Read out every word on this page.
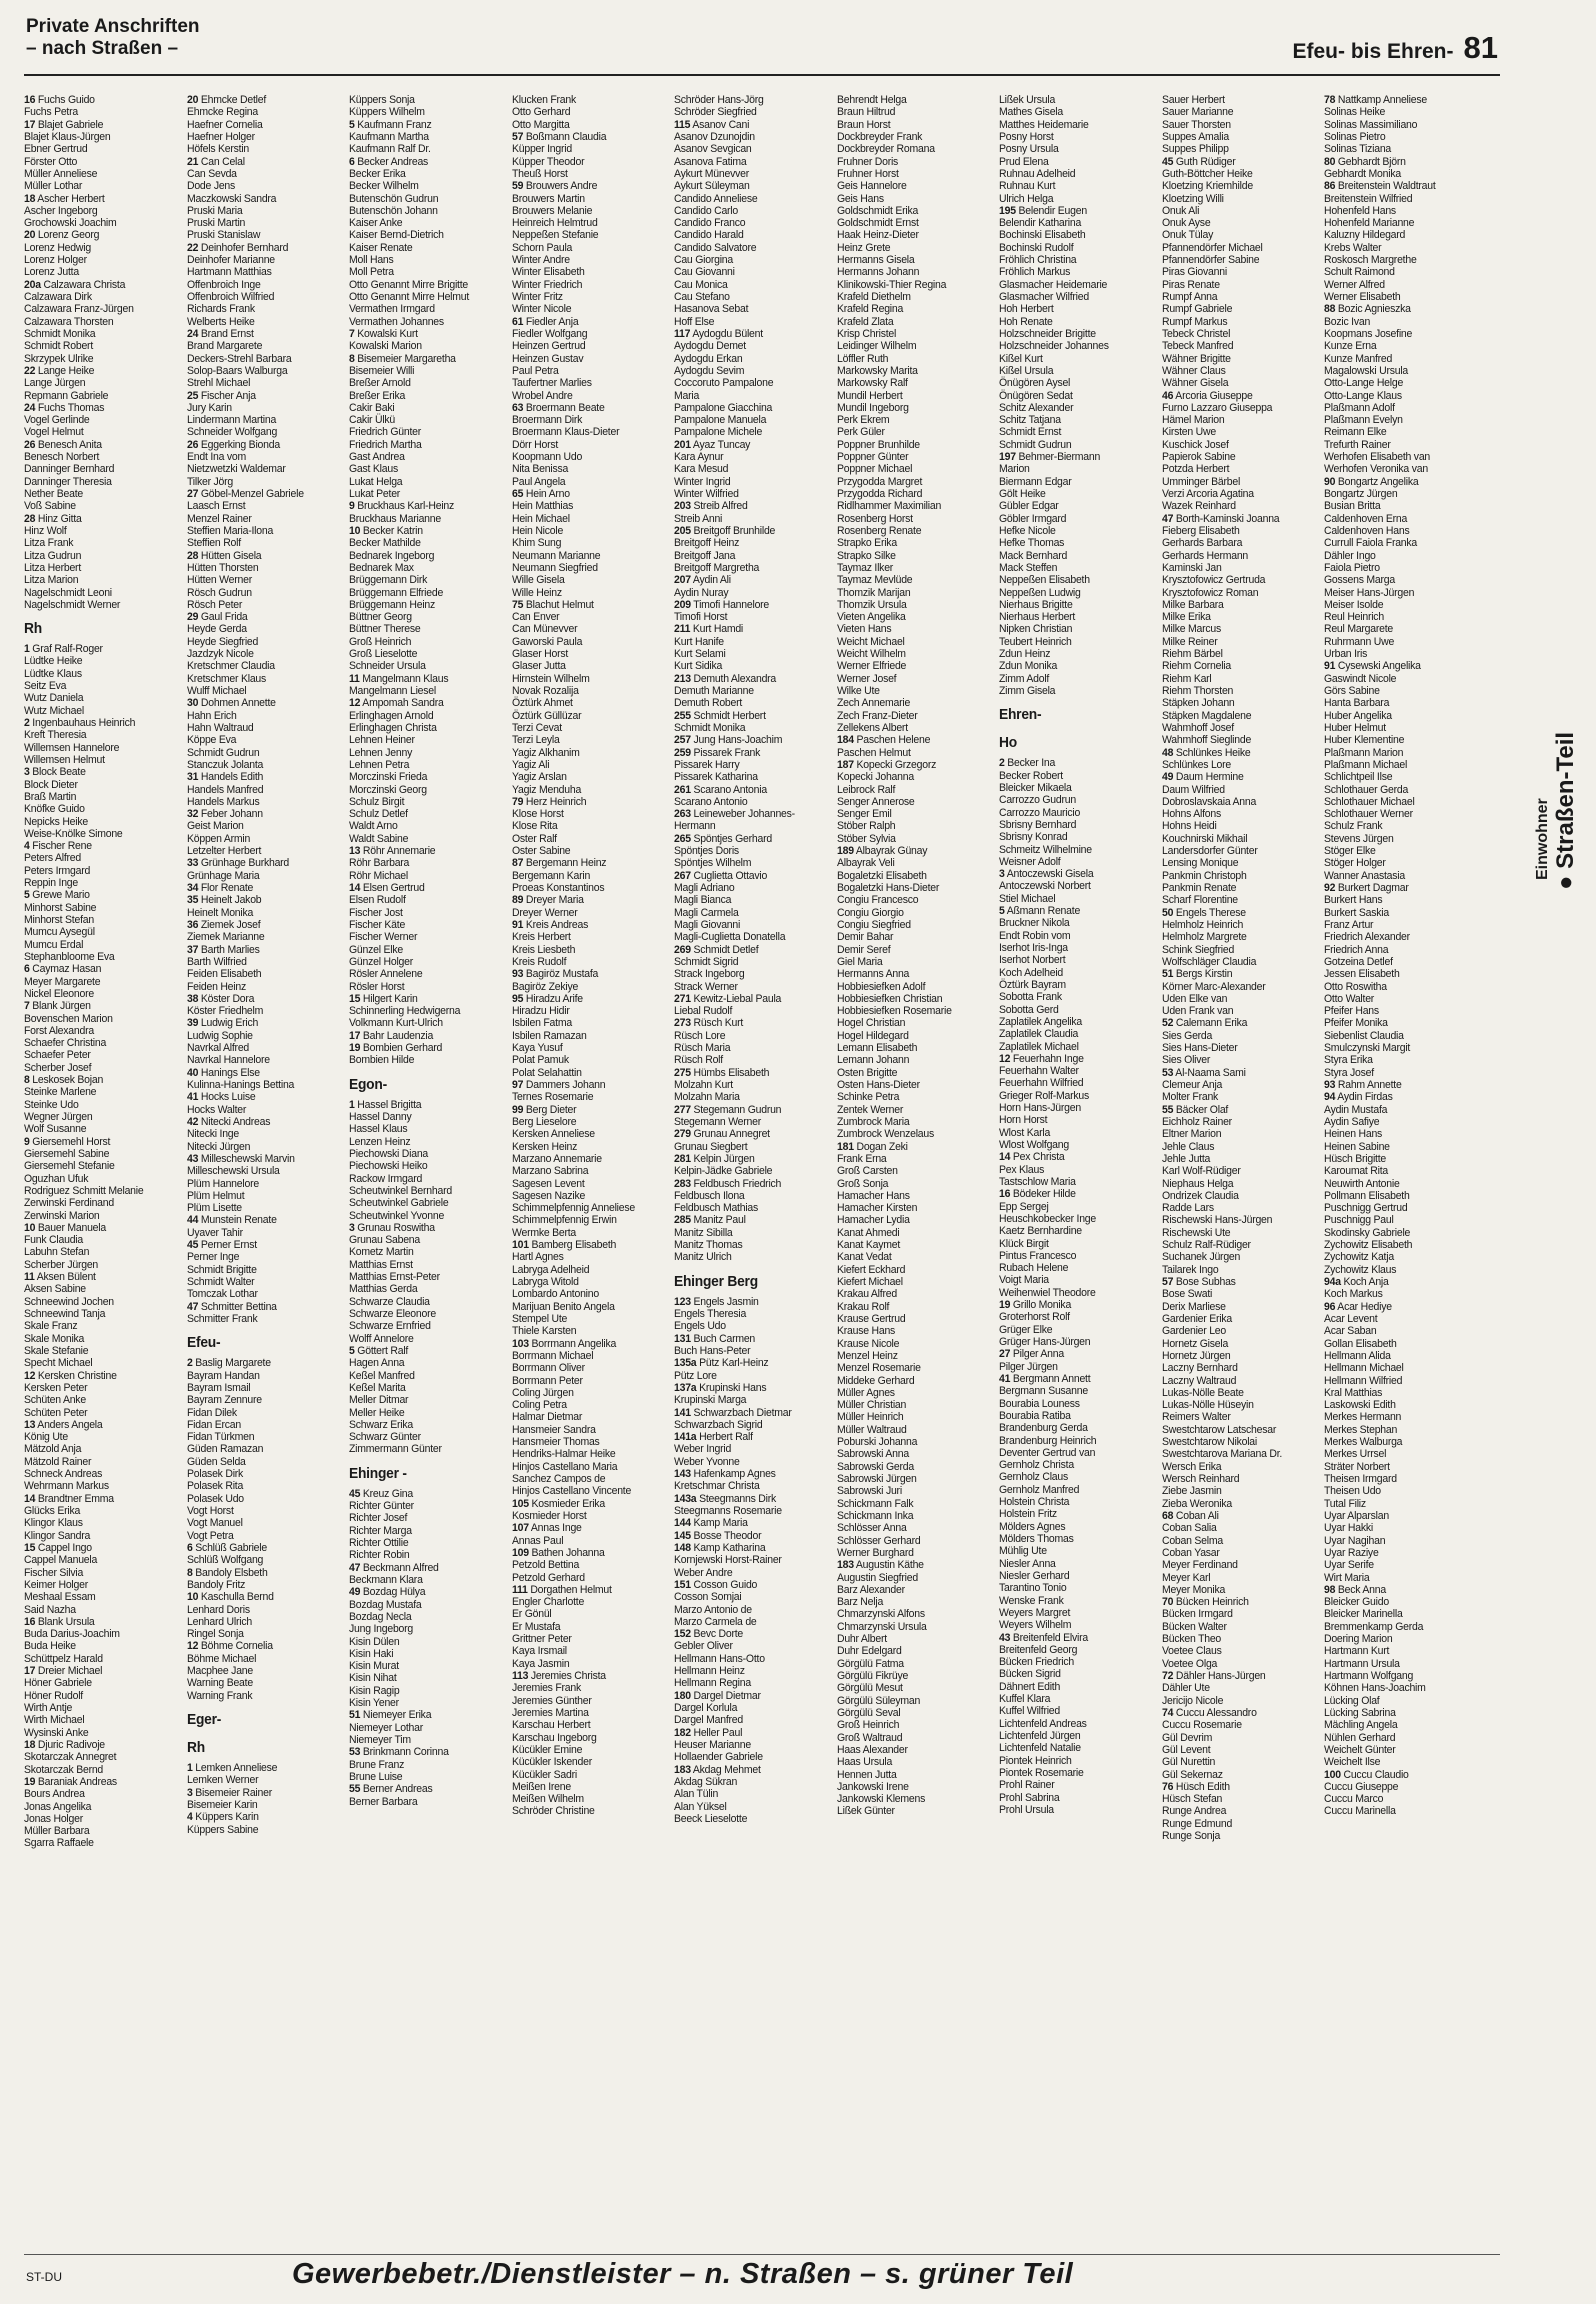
Private Anschriften
– nach Straßen –	Efeu- bis Ehren- 81
16 Fuchs Guido
Fuchs Petra
17 Blajet Gabriele
Blajet Klaus-Jürgen
Ebner Gertrud
Förster Otto
Müller Anneliese
Müller Lothar
18 Ascher Herbert
Ascher Ingeborg
Grochowski Joachim
20 Lorenz Georg
Lorenz Hedwig
Lorenz Holger
Lorenz Jutta
20a Calzawara Christa
Calzawara Dirk
Calzawara Franz-Jürgen
Calzawara Thorsten
Schmidt Monika
Schmidt Robert
Skrzypek Ulrike
22 Lange Heike
Lange Jürgen
Repmann Gabriele
24 Fuchs Thomas
Vogel Gerlinde
Vogel Helmut
26 Benesch Anita
Benesch Norbert
Danninger Bernhard
Danninger Theresia
Nether Beate
Voß Sabine
28 Hinz Gitta
Hinz Wolf
Litza Frank
Litza Gudrun
Litza Herbert
Litza Marion
Nagelschmidt Leoni
Nagelschmidt Werner
Rh
1 Graf Ralf-Roger
Lüdtke Heike
Lüdtke Klaus
Seitz Eva
Wutz Daniela
Wutz Michael
2 Ingenbauhaus Heinrich
Kreft Theresia
Willemsen Hannelore
Willemsen Helmut
3 Block Beate
Block Dieter
Braß Martin
Knöfke Guido
Nepicks Heike
Weise-Knölke Simone
4 Fischer Rene
Peters Alfred
Peters Irmgard
Reppin Inge
5 Grewe Mario
Minhorst Sabine
Minhorst Stefan
Mumcu Aysegül
Mumcu Erdal
Stephanbloome Eva
6 Caymaz Hasan
Meyer Margarete
Nickel Eleonore
7 Blank Jürgen
Bovenschen Marion
Forst Alexandra
Schaefer Christina
Schaefer Peter
Scherber Josef
8 Leskosek Bojan
Steinke Marlene
Steinke Udo
Wegner Jürgen
Wolf Susanne
9 Giersemehl Horst
Giersemehl Sabine
Giersemehl Stefanie
Oguzhan Ufuk
Rodriguez Schmitt Melanie
Zerwinski Ferdinand
Zerwinski Marion
10 Bauer Manuela
Funk Claudia
Labuhn Stefan
Scherber Jürgen
11 Aksen Bülent
Aksen Sabine
Schneewind Jochen
Schneewind Tanja
Skale Franz
Skale Monika
Skale Stefanie
Specht Michael
12 Kersken Christine
Kersken Peter
Schüten Anke
Schüten Peter
13 Anders Angela
König Ute
Mätzold Anja
Mätzold Rainer
Schneck Andreas
Wehrmann Markus
14 Brandtner Emma
Glücks Erika
Klingor Klaus
Klingor Sandra
15 Cappel Ingo
Cappel Manuela
Fischer Silvia
Keimer Holger
Meshaal Essam
Said Nazha
16 Blank Ursula
Buda Darius-Joachim
Buda Heike
Schüttpelz Harald
17 Dreier Michael
Höner Gabriele
Höner Rudolf
Wirth Antje
Wirth Michael
Wysinski Anke
18 Djuric Radivoje
Skotarczak Annegret
Skotarczak Bernd
19 Baraniak Andreas
Bours Andrea
Jonas Angelika
Jonas Holger
Müller Barbara
Sgarra Raffaele
20 Ehmcke Detlef
Ehmcke Regina
Haefner Cornelia
Haefner Holger
Höfels Kerstin
21 Can Celal
Can Sevda
Dode Jens
Maczkowski Sandra
Pruski Maria
Pruski Martin
Pruski Stanislaw
22 Deinhofer Bernhard
Deinhofer Marianne
Hartmann Matthias
Offenbroich Inge
Offenbroich Wilfried
Richards Frank
Welberts Heike
24 Brand Ernst
Brand Margarete
Deckers-Strehl Barbara
Solop-Baars Walburga
Strehl Michael
25 Fischer Anja
Jury Karin
Lindermann Martina
Schneider Wolfgang
26 Eggerking Bionda
Endt Ina vom
Nietzwetzki Waldemar
Tilker Jörg
27 Göbel-Menzel Gabriele
Laasch Ernst
Menzel Rainer
Steffien Maria-Ilona
Steffien Rolf
28 Hütten Gisela
Hütten Thorsten
Hütten Werner
Rösch Gudrun
Rösch Peter
29 Gaul Frida
Heyde Gerda
Heyde Siegfried
Jazdzyk Nicole
Kretschmer Claudia
Kretschmer Klaus
Wulff Michael
30 Dohmen Annette
Hahn Erich
Hahn Waltraud
Köppe Eva
Schmidt Gudrun
Stanczuk Jolanta
31 Handels Edith
Handels Manfred
Handels Markus
32 Feber Johann
Geist Marion
Köppen Armin
Letzelter Herbert
33 Grünhage Burkhard
Grünhage Maria
34 Flor Renate
35 Heinelt Jakob
Heinelt Monika
36 Ziemek Josef
Ziemek Marianne
37 Barth Marlies
Barth Wilfried
Feiden Elisabeth
Feiden Heinz
38 Köster Dora
Köster Friedhelm
39 Ludwig Erich
Ludwig Sophie
Navrkal Alfred
Navrkal Hannelore
40 Hanings Else
Kulinna-Hanings Bettina
41 Hocks Luise
Hocks Walter
42 Nitecki Andreas
Nitecki Inge
Nitecki Jürgen
43 Milleschewski Marvin
Milleschewski Ursula
Plüm Hannelore
Plüm Helmut
Plüm Lisette
44 Munstein Renate
Uyaver Tahir
45 Perner Ernst
Perner Inge
Schmidt Brigitte
Schmidt Walter
Tomczak Lothar
47 Schmitter Bettina
Schmitter Frank
Efeu-
2 Baslig Margarete
Bayram Handan
Bayram Ismail
Bayram Zennure
Fidan Dilek
Fidan Ercan
Fidan Türkmen
Güden Ramazan
Güden Selda
Polasek Dirk
Polasek Rita
Polasek Udo
Vogt Horst
Vogt Manuel
Vogt Petra
6 Schlüß Gabriele
Schlüß Wolfgang
8 Bandoly Elsbeth
Bandoly Fritz
10 Kaschulla Bernd
Lenhard Doris
Lenhard Ulrich
Ringel Sonja
12 Böhme Cornelia
Böhme Michael
Macphee Jane
Warning Beate
Warning Frank
Eger-
Rh
1 Lemken Anneliese
Lemken Werner
3 Bisemeier Rainer
Bisemeier Karin
4 Küppers Karin
Küppers Sabine
Küppers Sonja
Küppers Wilhelm
5 Kaufmann Franz
Kaufmann Martha
Kaufmann Ralf Dr.
6 Becker Andreas
Becker Erika
Becker Wilhelm
Butenschön Gudrun
Butenschön Johann
Kaiser Anke
Kaiser Bernd-Dietrich
Kaiser Renate
Moll Hans
Moll Petra
Otto Genannt Mirre Brigitte
Otto Genannt Mirre Helmut
Vermathen Irmgard
Vermathen Johannes
7 Kowalski Kurt
Kowalski Marion
8 Bisemeier Margaretha
Bisemeier Willi
Breßer Arnold
Breßer Erika
Cakir Baki
Cakir Ülkü
Friedrich Günter
Friedrich Martha
Gast Andrea
Gast Klaus
Lukat Helga
Lukat Peter
9 Bruckhaus Karl-Heinz
Bruckhaus Marianne
10 Becker Katrin
Becker Mathilde
Bednarek Ingeborg
Bednarek Max
Brüggemann Dirk
Brüggemann Elfriede
Brüggemann Heinz
Büttner Georg
Büttner Therese
Groß Heinrich
Groß Lieselotte
Schneider Ursula
11 Mangelmann Klaus
Mangelmann Liesel
12 Ampomah Sandra
Erlinghagen Arnold
Erlinghagen Christa
Lehnen Heiner
Lehnen Jenny
Lehnen Petra
Morczinski Frieda
Morczinski Georg
Schulz Birgit
Schulz Detlef
Waldt Arno
Waldt Sabine
13 Röhr Annemarie
Röhr Barbara
Röhr Michael
14 Elsen Gertrud
Elsen Rudolf
Fischer Jost
Fischer Käte
Fischer Werner
Günzel Elke
Günzel Holger
Rösler Annelene
Rösler Horst
15 Hilgert Karin
Schinnerling Hedwigerna
Volkmann Kurt-Ulrich
17 Bahr Laudenzia
19 Bombien Gerhard
Bombien Hilde
Egon-
1 Hassel Brigitta
Hassel Danny
Hassel Klaus
Lenzen Heinz
Piechowski Diana
Piechowski Heiko
Rackow Irmgard
Scheutwinkel Bernhard
Scheutwinkel Gabriele
Scheutwinkel Yvonne
3 Grunau Roswitha
Grunau Sabena
Kometz Martin
Matthias Ernst
Matthias Ernst-Peter
Matthias Gerda
Schwarze Claudia
Schwarze Eleonore
Schwarze Ernfried
Wolff Annelore
5 Göttert Ralf
Hagen Anna
Keßel Manfred
Keßel Marita
Meller Ditmar
Meller Heike
Schwarz Erika
Schwarz Günter
Zimmermann Günter
Ehinger -
45 Kreuz Gina
Richter Günter
Richter Josef
Richter Marga
Richter Ottilie
Richter Robin
47 Beckmann Alfred
Beckmann Klara
49 Bozdag Hülya
Bozdag Mustafa
Bozdag Necla
Jung Ingeborg
Kisin Dülen
Kisin Haki
Kisin Murat
Kisin Nihat
Kisin Ragip
Kisin Yener
51 Niemeyer Erika
Niemeyer Lothar
Niemeyer Tim
53 Brinkmann Corinna
Brune Franz
Brune Luise
55 Berner Andreas
Berner Barbara
Klucken Frank
Otto Gerhard
Otto Margitta
57 Boßmann Claudia
Küpper Ingrid
Küpper Theodor
Theuß Horst
59 Brouwers Andre
Brouwers Martin
Brouwers Melanie
Heinreich Helmtrud
Neppeßen Stefanie
Schorn Paula
Winter Andre
Winter Elisabeth
Winter Friedrich
Winter Fritz
Winter Nicole
61 Fiedler Anja
Fiedler Wolfgang
Heinzen Gertrud
Heinzen Gustav
Paul Petra
Taufertner Marlies
Wrobel Andre
63 Broermann Beate
Broermann Dirk
Broermann Klaus-Dieter
Dörr Horst
Koopmann Udo
Nita Benissa
Paul Angela
65 Hein Arno
Hein Matthias
Hein Michael
Hein Nicole
Khim Sung
Neumann Marianne
Neumann Siegfried
Wille Gisela
Wille Heinz
75 Blachut Helmut
Can Enver
Can Münevver
Gaworski Paula
Glaser Horst
Glaser Jutta
Hirnstein Wilhelm
Novak Rozalija
Öztürk Ahmet
Öztürk Güllüzar
Terzi Cevat
Terzi Leyla
Yagiz Alkhanim
Yagiz Ali
Yagiz Arslan
Yagiz Menduha
79 Herz Heinrich
Klose Horst
Klose Rita
Oster Ralf
Oster Sabine
87 Bergemann Heinz
Bergemann Karin
Proeas Konstantinos
89 Dreyer Maria
Dreyer Werner
91 Kreis Andreas
Kreis Herbert
Kreis Liesbeth
Kreis Rudolf
93 Bagiröz Mustafa
Bagiröz Zekiye
95 Hiradzu Arife
Hiradzu Hidir
Isbilen Fatma
Isbilen Ramazan
Kaya Yusuf
Polat Pamuk
Polat Selahattin
97 Dammers Johann
Ternes Rosemarie
99 Berg Dieter
Berg Lieselore
Kersken Anneliese
Kersken Heinz
Marzano Annemarie
Marzano Sabrina
Sagesen Levent
Sagesen Nazike
Schimmelpfennig Anneliese
Schimmelpfennig Erwin
Wermke Berta
101 Bamberg Elisabeth
Hartl Agnes
Labryga Adelheid
Labryga Witold
Lombardo Antonino
Marijuan Benito Angela
Stempel Ute
Thiele Karsten
103 Borrmann Angelika
Borrmann Michael
Borrmann Oliver
Borrmann Peter
Coling Jürgen
Coling Petra
Halmar Dietmar
Hansmeier Sandra
Hansmeier Thomas
Hendriks-Halmar Heike
Hinjos Castellano Maria
Sanchez Campos de
Hinjos Castellano Vincente
105 Kosmieder Erika
Kosmieder Horst
107 Annas Inge
Annas Paul
109 Bathen Johanna
Petzold Bettina
Petzold Gerhard
111 Dorgathen Helmut
Engler Charlotte
Er Gönül
Er Mustafa
Grittner Peter
Kaya Irsmail
Kaya Jasmin
113 Jeremies Christa
Jeremies Frank
Jeremies Günther
Jeremies Martina
Karschau Herbert
Karschau Ingeborg
Kücükler Emine
Kücükler Iskender
Kücükler Sadri
Meißen Irene
Meißen Wilhelm
Schröder Christine
Schröder Hans-Jörg
Schröder Siegfried
115 Asanov Cani
Asanov Dzunojdin
Asanov Sevgican
Asanova Fatima
Aykurt Münevver
Aykurt Süleyman
Candido Anneliese
Candido Carlo
Candido Franco
Candido Harald
Candido Salvatore
Cau Giorgina
Cau Giovanni
Cau Monica
Cau Stefano
Hasanova Sebat
Hoff Else
117 Aydogdu Bülent
Aydogdu Demet
Aydogdu Erkan
Aydogdu Sevim
Coccoruto Pampalone
Maria
Pampalone Giacchina
Pampalone Manuela
Pampalone Michele
201 Ayaz Tuncay
Kara Aynur
Kara Mesud
Winter Ingrid
Winter Wilfried
203 Streib Alfred
Streib Anni
205 Breitgoff Brunhilde
Breitgoff Heinz
Breitgoff Jana
Breitgoff Margretha
207 Aydin Ali
Aydin Nuray
209 Timofi Hannelore
Timofi Horst
211 Kurt Hamdi
Kurt Hanife
Kurt Selami
Kurt Sidika
213 Demuth Alexandra
Demuth Marianne
Demuth Robert
255 Schmidt Herbert
Schmidt Monika
257 Jung Hans-Joachim
259 Pissarek Frank
Pissarek Harry
Pissarek Katharina
261 Scarano Antonia
Scarano Antonio
263 Leineweber Johannes-
Hermann
265 Spöntjes Gerhard
Spöntjes Doris
Spöntjes Wilhelm
267 Cuglietta Ottavio
Magli Adriano
Magli Bianca
Magli Carmela
Magli Giovanni
Magli-Cuglietta Donatella
269 Schmidt Detlef
Schmidt Sigrid
Strack Ingeborg
Strack Werner
271 Kewitz-Liebal Paula
Liebal Rudolf
273 Rüsch Kurt
Rüsch Lore
Rüsch Maria
Rüsch Rolf
275 Hümbs Elisabeth
Molzahn Kurt
Molzahn Maria
277 Stegemann Gudrun
Stegemann Werner
279 Grunau Annegret
Grunau Siegbert
281 Kelpin Jürgen
Kelpin-Jädke Gabriele
283 Feldbusch Friedrich
Feldbusch Ilona
Feldbusch Mathias
285 Manitz Paul
Manitz Sibilla
Manitz Thomas
Manitz Ulrich
Ehinger Berg
123 Engels Jasmin
Engels Theresia
Engels Udo
131 Buch Carmen
Buch Hans-Peter
135a Pütz Karl-Heinz
Pütz Lore
137a Krupinski Hans
Krupinski Marga
141 Schwarzbach Dietmar
Schwarzbach Sigrid
141a Herbert Ralf
Weber Ingrid
Weber Yvonne
143 Hafenkamp Agnes
Kretschmar Christa
143a Steegmanns Dirk
Steegmanns Rosemarie
144 Kamp Maria
145 Bosse Theodor
148 Kamp Katharina
Kornjewski Horst-Rainer
Weber Andre
151 Cosson Guido
Cosson Somjai
Marzo Antonio de
Marzo Carmela de
152 Bevc Dorte
Gebler Oliver
Hellmann Hans-Otto
Hellmann Heinz
Hellmann Regina
180 Dargel Dietmar
Dargel Korlula
Dargel Manfred
182 Heller Paul
Heuser Marianne
Hollaender Gabriele
183 Akdag Mehmet
Akdag Sükran
Alan Tülin
Alan Yüksel
Beeck Lieselotte
Behrendt Helga
Braun Hiltrud
Braun Horst
Dockbreyder Frank
Dockbreyder Romana
Fruhner Doris
Fruhner Horst
Geis Hannelore
Geis Hans
Goldschmidt Erika
Goldschmidt Ernst
Haak Heinz-Dieter
Heinz Grete
Hermanns Gisela
Hermanns Johann
Klinikowski-Thier Regina
Krafeld Diethelm
Krafeld Regina
Krafeld Zlata
Krisp Christel
Leidinger Wilhelm
Löffler Ruth
Markowsky Marita
Markowsky Ralf
Mundil Herbert
Mundil Ingeborg
Perk Ekrem
Perk Güler
Poppner Brunhilde
Poppner Günter
Poppner Michael
Przygodda Margret
Przygodda Richard
Ridlhammer Maximilian
Rosenberg Horst
Rosenberg Renate
Strapko Erika
Strapko Silke
Taymaz Ilker
Taymaz Mevlüde
Thomzik Marijan
Thomzik Ursula
Vieten Angelika
Vieten Hans
Weicht Michael
Weicht Wilhelm
Werner Elfriede
Werner Josef
Wilke Ute
Zech Annemarie
Zech Franz-Dieter
Zellekens Albert
184 Paschen Helene
Paschen Helmut
187 Kopecki Grzegorz
Kopecki Johanna
Leibrock Ralf
Senger Annerose
Senger Emil
Stöber Ralph
Stöber Sylvia
189 Albayrak Günay
Albayrak Veli
Bogaletzki Elisabeth
Bogaletzki Hans-Dieter
Congiu Francesco
Congiu Giorgio
Congiu Siegfried
Demir Bahar
Demir Seref
Giel Maria
Hermanns Anna
Hobbiesiefken Adolf
Hobbiesiefken Christian
Hobbiesiefken Rosemarie
Hogel Christian
Hogel Hildegard
Lemann Elisabeth
Lemann Johann
Osten Brigitte
Osten Hans-Dieter
Schinke Petra
Zentek Werner
Zumbrock Maria
Zumbrock Wenzelaus
181 Dogan Zeki
Frank Erna
Groß Carsten
Groß Sonja
Hamacher Hans
Hamacher Kirsten
Hamacher Lydia
Kanat Ahmedi
Kanat Kaymet
Kanat Vedat
Kiefert Eckhard
Kiefert Michael
Krakau Alfred
Krakau Rolf
Krause Gertrud
Krause Hans
Krause Nicole
Menzel Heinz
Menzel Rosemarie
Middeke Gerhard
Müller Agnes
Müller Christian
Müller Heinrich
Müller Waltraud
Poburski Johanna
Sabrowski Anna
Sabrowski Gerda
Sabrowski Jürgen
Sabrowski Juri
Schickmann Falk
Schickmann Inka
Schlösser Anna
Schlösser Gerhard
Werner Burghard
183 Augustin Käthe
Augustin Siegfried
Barz Alexander
Barz Nelja
Chmarzynski Alfons
Chmarzynski Ursula
Duhr Albert
Duhr Edelgard
Görgülü Fatma
Görgülü Fikrüye
Görgülü Mesut
Görgülü Süleyman
Görgülü Seval
Groß Heinrich
Groß Waltraud
Haas Alexander
Haas Ursula
Hennen Jutta
Jankowski Irene
Jankowski Klemens
Lißek Günter
Lißek Ursula
Mathes Gisela
Matthes Heidemarie
Posny Horst
Posny Ursula
Prud Elena
Ruhnau Adelheid
Ruhnau Kurt
Ulrich Helga
195 Belendir Eugen
Belendir Katharina
Bochinski Elisabeth
Bochinski Rudolf
Fröhlich Christina
Fröhlich Markus
Glasmacher Heidemarie
Glasmacher Wilfried
Hoh Herbert
Hoh Renate
Holzschneider Brigitte
Holzschneider Johannes
Kißel Kurt
Kißel Ursula
Önügören Aysel
Önügören Sedat
Schitz Alexander
Schitz Tatjana
Schmidt Ernst
Schmidt Gudrun
197 Behmer-Biermann
Marion
Biermann Edgar
Gölt Heike
Gübler Edgar
Göbler Irmgard
Hefke Nicole
Hefke Thomas
Mack Bernhard
Mack Steffen
Neppeßen Elisabeth
Neppeßen Ludwig
Nierhaus Brigitte
Nierhaus Herbert
Nipken Christian
Teubert Heinrich
Zdun Heinz
Zdun Monika
Zimm Adolf
Zimm Gisela
Ehren-
Ho
2 Becker Ina
Becker Robert
Bleicker Mikaela
Carrozzo Gudrun
Carrozzo Mauricio
Sbrisny Bernhard
Sbrisny Konrad
Schmeitz Wilhelmine
Weisner Adolf
3 Antoczewski Gisela
Antoczewski Norbert
Stiel Michael
5 Aßmann Renate
Bruckner Nikola
Endt Robin vom
Iserhot Iris-Inga
Iserhot Norbert
Koch Adelheid
Öztürk Bayram
Sobotta Frank
Sobotta Gerd
Zaplatilek Angelika
Zaplatilek Claudia
Zaplatilek Michael
12 Feuerhahn Inge
Feuerhahn Walter
Feuerhahn Wilfried
Grieger Rolf-Markus
Horn Hans-Jürgen
Horn Horst
Wlost Karla
Wlost Wolfgang
14 Pex Christa
Pex Klaus
Tastschlow Maria
16 Bödeker Hilde
Epp Sergej
Heuschkobecker Inge
Kaetz Bernhardine
Klück Birgit
Pintus Francesco
Rubach Helene
Voigt Maria
Weihenwiel Theodore
19 Grillo Monika
Groterhorst Rolf
Grüger Elke
Grüger Hans-Jürgen
27 Pilger Anna
Pilger Jürgen
41 Bergmann Annett
Bergmann Susanne
Bourabia Louness
Bourabia Ratiba
Brandenburg Gerda
Brandenburg Heinrich
Deventer Gertrud van
Gernholz Christa
Gernholz Claus
Gernholz Manfred
Holstein Christa
Holstein Fritz
Mölders Agnes
Mölders Thomas
Mühlig Ute
Niesler Anna
Niesler Gerhard
Tarantino Tonio
Wenske Frank
Weyers Margret
Weyers Wilhelm
43 Breitenfeld Elvira
Breitenfeld Georg
Bücken Friedrich
Bücken Sigrid
Dähnert Edith
Kuffel Klara
Kuffel Wilfried
Lichtenfeld Andreas
Lichtenfeld Jürgen
Lichtenfeld Natalie
Piontek Heinrich
Piontek Rosemarie
Prohl Rainer
Prohl Sabrina
Prohl Ursula
Sauer Herbert
Sauer Marianne
Sauer Thorsten
Suppes Amalia
Suppes Philipp
45 Guth Rüdiger
Guth-Böttcher Heike
Kloetzing Kriemhilde
Kloetzing Willi
Onuk Ali
Onuk Ayse
Onuk Tülay
Pfannendörfer Michael
Pfannendörfer Sabine
Piras Giovanni
Piras Renate
Rumpf Anna
Rumpf Gabriele
Rumpf Markus
Tebeck Christel
Tebeck Manfred
Wähner Brigitte
Wähner Claus
Wähner Gisela
46 Arcoria Giuseppe
Furno Lazzaro Giuseppa
Hämel Marion
Kirsten Uwe
Kuschick Josef
Papierok Sabine
Potzda Herbert
Umminger Bärbel
Verzi Arcoria Agatina
Wazek Reinhard
47 Borth-Kaminski Joanna
Fieberg Elisabeth
Gerhards Barbara
Gerhards Hermann
Kaminski Jan
Krysztofowicz Gertruda
Krysztofowicz Roman
Milke Barbara
Milke Erika
Milke Marcus
Milke Reiner
Riehm Bärbel
Riehm Cornelia
Riehm Karl
Riehm Thorsten
Stäpken Johann
Stäpken Magdalene
Wahmhoff Josef
Wahmhoff Sieglinde
48 Schlünkes Heike
Schlünkes Lore
49 Daum Hermine
Daum Wilfried
Dobroslavskaia Anna
Hohns Alfons
Hohns Heidi
Kouchnirski Mikhail
Landersdorfer Günter
Lensing Monique
Pankmin Christoph
Pankmin Renate
Scharf Florentine
50 Engels Therese
Helmholz Heinrich
Helmholz Margrete
Schink Siegfried
Wolfschläger Claudia
51 Bergs Kirstin
Körner Marc-Alexander
Uden Elke van
Uden Frank van
52 Calemann Erika
Sies Gerda
Sies Hans-Dieter
Sies Oliver
53 Al-Naama Sami
Clemeur Anja
Molter Frank
55 Bäcker Olaf
Eichholz Rainer
Eltner Marion
Jehle Claus
Jehle Jutta
Karl Wolf-Rüdiger
Niephaus Helga
Ondrizek Claudia
Radde Lars
Rischewski Hans-Jürgen
Rischewski Ute
Schulz Ralf-Rüdiger
Suchanek Jürgen
Tailarek Ingo
57 Bose Subhas
Bose Swati
Derix Marliese
Gardenier Erika
Gardenier Leo
Hornetz Gisela
Hornetz Jürgen
Laczny Bernhard
Laczny Waltraud
Lukas-Nölle Beate
Lukas-Nölle Hüseyin
Reimers Walter
Swestchtarow Latschesar
Swestchtarow Nikolai
Swestchtarova Mariana Dr.
Wersch Erika
Wersch Reinhard
Ziebe Jasmin
Zieba Weronika
68 Coban Ali
Coban Salia
Coban Selma
Coban Yasar
Meyer Ferdinand
Meyer Karl
Meyer Monika
70 Bücken Heinrich
Bücken Irmgard
Bücken Walter
Bücken Theo
Voetee Claus
Voetee Olga
72 Dähler Hans-Jürgen
Dähler Ute
Jericijo Nicole
74 Cuccu Alessandro
Cuccu Rosemarie
Gül Devrim
Gül Levent
Gül Nurettin
Gül Sekernaz
76 Hüsch Edith
Hüsch Stefan
Runge Andrea
Runge Edmund
Runge Sonja
78 Nattkamp Anneliese
Solinas Heike
Solinas Massimiliano
Solinas Pietro
Solinas Tiziana
80 Gebhardt Björn
Gebhardt Monika
86 Breitenstein Waldtraut
Breitenstein Wilfried
Hohenfeld Hans
Hohenfeld Marianne
Kaluzny Hildegard
Krebs Walter
Roskosch Margrethe
Schult Raimond
Werner Alfred
Werner Elisabeth
88 Bozic Agnieszka
Bozic Ivan
Koopmans Josefine
Kunze Erna
Kunze Manfred
Magalowski Ursula
Otto-Lange Helge
Otto-Lange Klaus
Plaßmann Adolf
Plaßmann Evelyn
Reimann Elke
Trefurth Rainer
Werhofen Elisabeth van
Werhofen Veronika van
90 Bongartz Angelika
Bongartz Jürgen
Busian Britta
Caldenhoven Erna
Caldenhoven Hans
Currull Faiola Franka
Dähler Ingo
Faiola Pietro
Gossens Marga
Meiser Hans-Jürgen
Meiser Isolde
Reul Heinrich
Reul Margarete
Ruhrmann Uwe
Urban Iris
91 Cysewski Angelika
Gaswindt Nicole
Görs Sabine
Hanta Barbara
Huber Angelika
Huber Helmut
Huber Klementine
Plaßmann Marion
Plaßmann Michael
Schlichtpeil Ilse
Schlothauer Gerda
Schlothauer Michael
Schlothauer Werner
Schulz Frank
Stevens Jürgen
Stöger Elke
Stöger Holger
Wanner Anastasia
92 Burkert Dagmar
Burkert Hans
Burkert Saskia
Franz Artur
Friedrich Alexander
Friedrich Anna
Gotzeina Detlef
Jessen Elisabeth
Otto Roswitha
Otto Walter
Pfeifer Hans
Pfeifer Monika
Siebenlist Claudia
Smulczynski Margit
Styra Erika
Styra Josef
93 Rahm Annette
94 Aydin Firdas
Aydin Mustafa
Aydin Safiye
Heinen Hans
Heinen Sabine
Hüsch Brigitte
Karoumat Rita
Neuwirth Antonie
Pollmann Elisabeth
Puschnigg Gertrud
Puschnigg Paul
Skodinsky Gabriele
Zychowitz Elisabeth
Zychowitz Katja
Zychowitz Klaus
94a Koch Anja
Koch Markus
96 Acar Hediye
Acar Levent
Acar Saban
Gollan Elisabeth
Hellmann Alida
Hellmann Michael
Hellmann Wilfried
Kral Matthias
Laskowski Edith
Merkes Hermann
Merkes Stephan
Merkes Walburga
Merkes Urrsel
Sträter Norbert
Theisen Irmgard
Theisen Udo
Tutal Filiz
Uyar Alparslan
Uyar Hakki
Uyar Nagihan
Uyar Raziye
Uyar Serife
Wirt Maria
98 Beck Anna
Bleicker Guido
Bleicker Marinella
Bremmenkamp Gerda
Doering Marion
Hartmann Kurt
Hartmann Ursula
Hartmann Wolfgang
Köhnen Hans-Joachim
Lücking Olaf
Lücking Sabrina
Mächling Angela
Nühlen Gerhard
Weichelt Günter
Weichelt Ilse
100 Cuccu Claudio
Cuccu Giuseppe
Cuccu Marco
Cuccu Marinella
Einwohner ● Straßen-Teil
ST-DU	Gewerbebetr./Dienstleister – n. Straßen – s. grüner Teil
